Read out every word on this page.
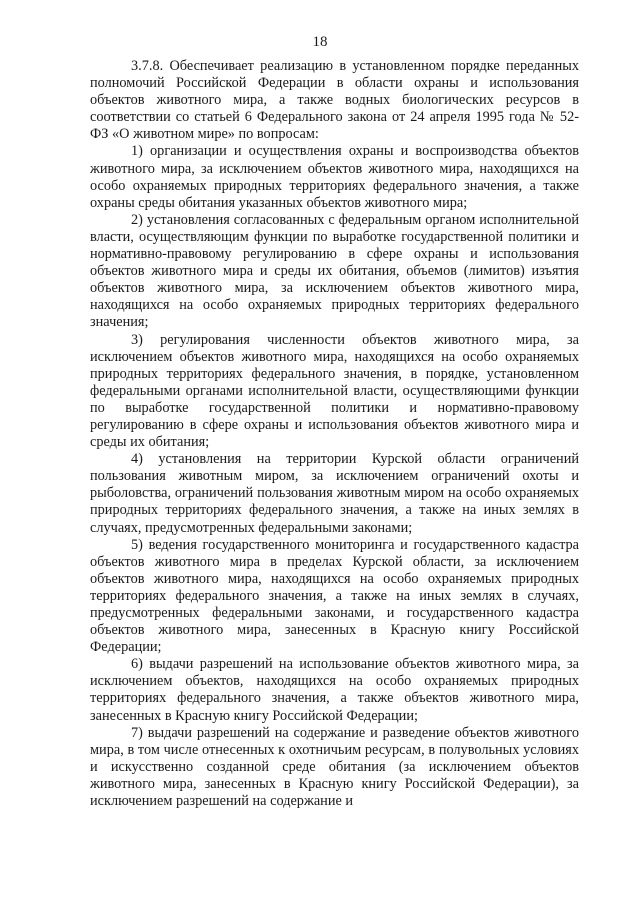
18

3.7.8. Обеспечивает реализацию в установленном порядке переданных полномочий Российской Федерации в области охраны и использования объектов животного мира, а также водных биологических ресурсов в соответствии со статьей 6 Федерального закона от 24 апреля 1995 года № 52-ФЗ «О животном мире» по вопросам:

1) организации и осуществления охраны и воспроизводства объектов животного мира, за исключением объектов животного мира, находящихся на особо охраняемых природных территориях федерального значения, а также охраны среды обитания указанных объектов животного мира;

2) установления согласованных с федеральным органом исполнительной власти, осуществляющим функции по выработке государственной политики и нормативно-правовому регулированию в сфере охраны и использования объектов животного мира и среды их обитания, объемов (лимитов) изъятия объектов животного мира, за исключением объектов животного мира, находящихся на особо охраняемых природных территориях федерального значения;

3) регулирования численности объектов животного мира, за исключением объектов животного мира, находящихся на особо охраняемых природных территориях федерального значения, в порядке, установленном федеральными органами исполнительной власти, осуществляющими функции по выработке государственной политики и нормативно-правовому регулированию в сфере охраны и использования объектов животного мира и среды их обитания;

4) установления на территории Курской области ограничений пользования животным миром, за исключением ограничений охоты и рыболовства, ограничений пользования животным миром на особо охраняемых природных территориях федерального значения, а также на иных землях в случаях, предусмотренных федеральными законами;

5) ведения государственного мониторинга и государственного кадастра объектов животного мира в пределах Курской области, за исключением объектов животного мира, находящихся на особо охраняемых природных территориях федерального значения, а также на иных землях в случаях, предусмотренных федеральными законами, и государственного кадастра объектов животного мира, занесенных в Красную книгу Российской Федерации;

6) выдачи разрешений на использование объектов животного мира, за исключением объектов, находящихся на особо охраняемых природных территориях федерального значения, а также объектов животного мира, занесенных в Красную книгу Российской Федерации;

7) выдачи разрешений на содержание и разведение объектов животного мира, в том числе отнесенных к охотничьим ресурсам, в полувольных условиях и искусственно созданной среде обитания (за исключением объектов животного мира, занесенных в Красную книгу Российской Федерации), за исключением разрешений на содержание и
